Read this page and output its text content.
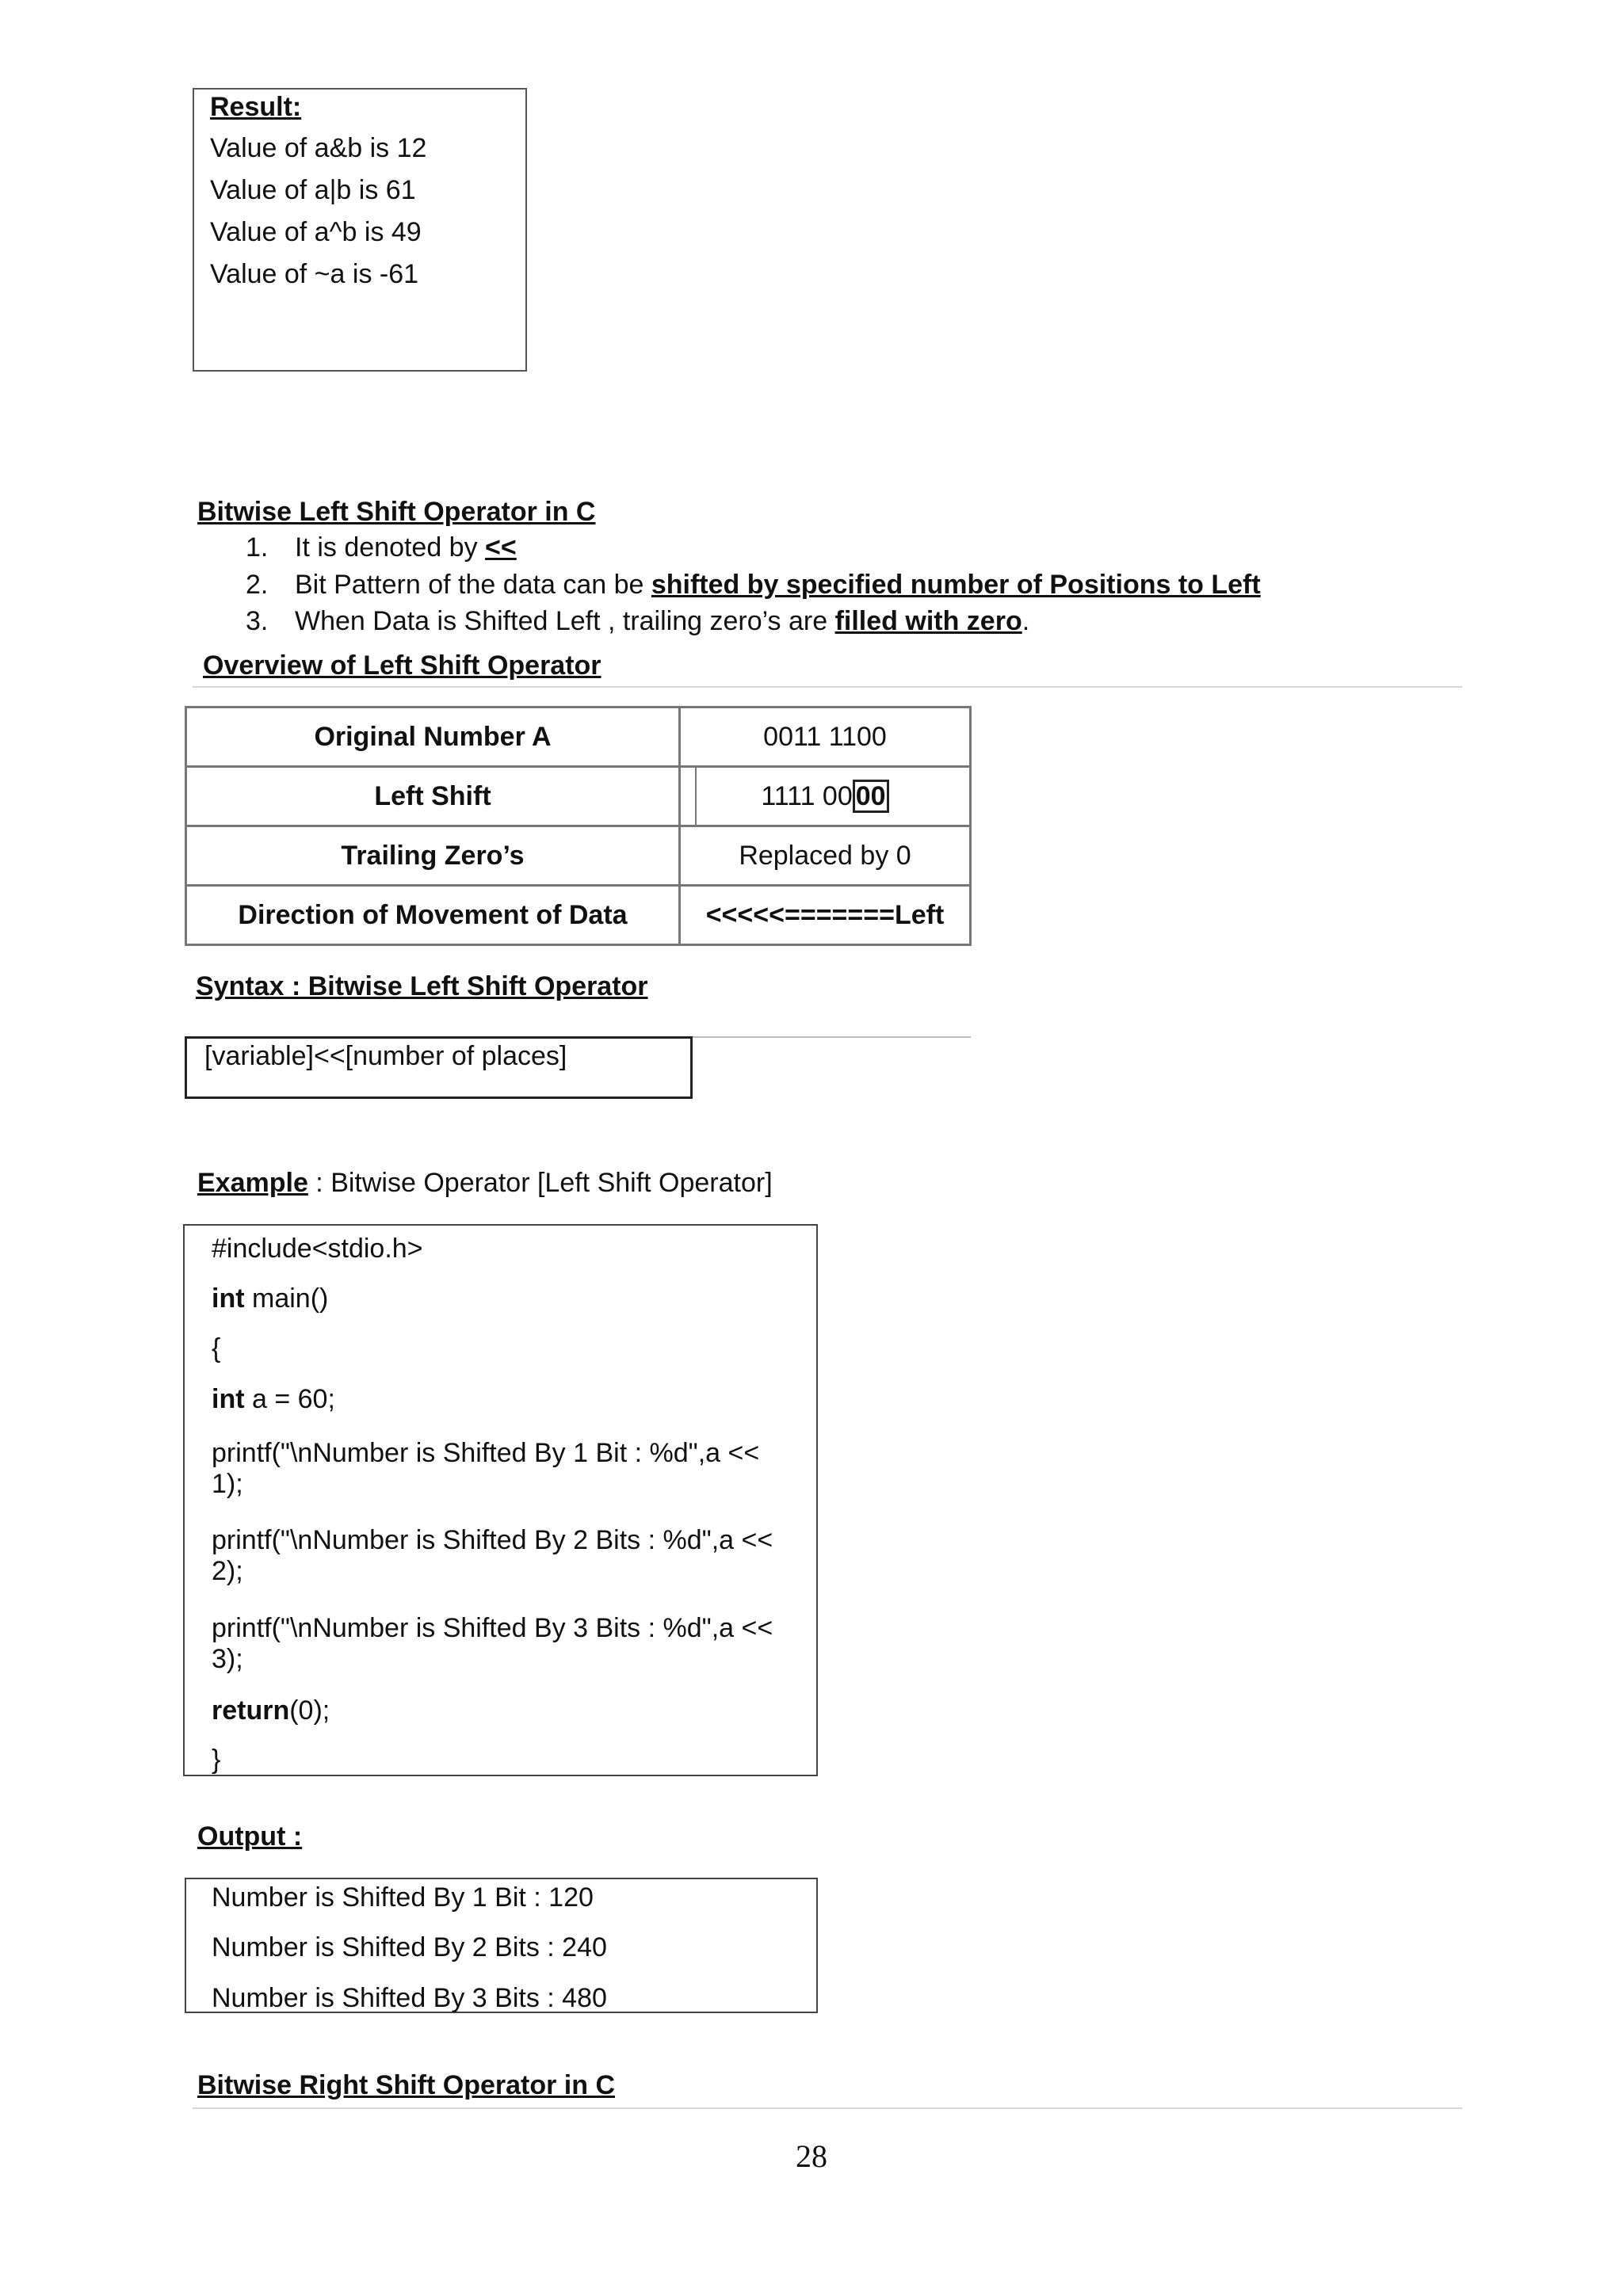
Result:
Value of a&b is 12
Value of a|b is 61
Value of a^b is 49
Value of ~a is -61
Bitwise Left Shift Operator in C
1. It is denoted by <<
2. Bit Pattern of the data can be shifted by specified number of Positions to Left
3. When Data is Shifted Left , trailing zero’s are filled with zero.
Overview of Left Shift Operator
Original Number A	0011 1100
Left Shift	1111 00 00
Trailing Zero’s	Replaced by 0
Direction of Movement of Data	<<<<<=======Left
Syntax : Bitwise Left Shift Operator
[variable]<<[number of places]
Example : Bitwise Operator [Left Shift Operator]
#include<stdio.h>
int main()
{
int a = 60;
printf("\nNumber is Shifted By 1 Bit : %d",a <<
1);
printf("\nNumber is Shifted By 2 Bits : %d",a <<
2);
printf("\nNumber is Shifted By 3 Bits : %d",a <<
3);
return(0);
}
Output :
Number is Shifted By 1 Bit : 120
Number is Shifted By 2 Bits : 240
Number is Shifted By 3 Bits : 480
Bitwise Right Shift Operator in C
28
